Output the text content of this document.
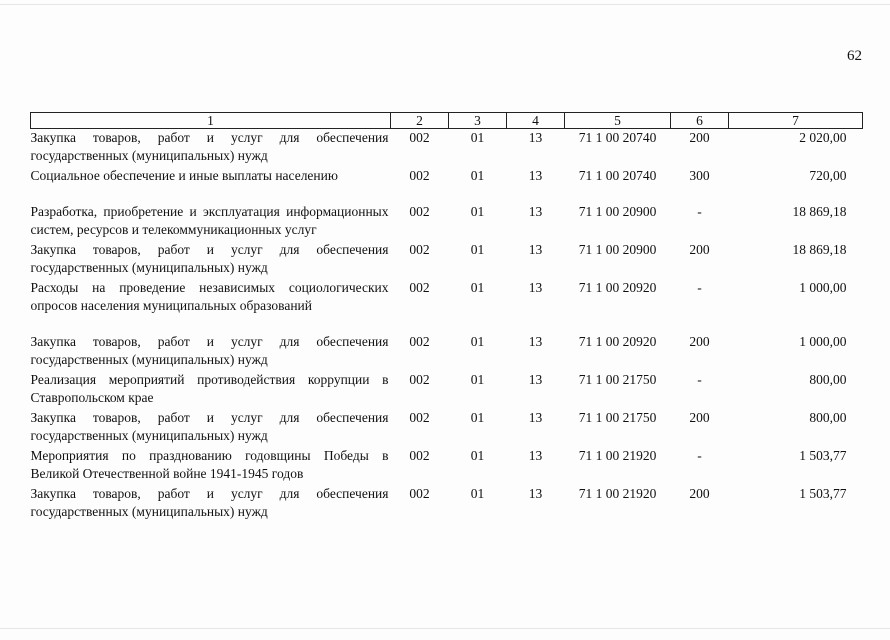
62
1	2	3	4	5	6	7
Закупка товаров, работ и услуг для обеспечения государственных (муниципальных) нужд	002	01	13	71 1 00 20740	200	2 020,00
Социальное обеспечение и иные выплаты населению	002	01	13	71 1 00 20740	300	720,00
Разработка, приобретение и эксплуатация информационных систем, ресурсов и телекоммуникационных услуг	002	01	13	71 1 00 20900	-	18 869,18
Закупка товаров, работ и услуг для обеспечения государственных (муниципальных) нужд	002	01	13	71 1 00 20900	200	18 869,18
Расходы на проведение независимых социологических опросов населения муниципальных образований	002	01	13	71 1 00 20920	-	1 000,00
Закупка товаров, работ и услуг для обеспечения государственных (муниципальных) нужд	002	01	13	71 1 00 20920	200	1 000,00
Реализация мероприятий противодействия коррупции в Ставропольском крае	002	01	13	71 1 00 21750	-	800,00
Закупка товаров, работ и услуг для обеспечения государственных (муниципальных) нужд	002	01	13	71 1 00 21750	200	800,00
Мероприятия по празднованию годовщины Победы в Великой Отечественной войне 1941-1945 годов	002	01	13	71 1 00 21920	-	1 503,77
Закупка товаров, работ и услуг для обеспечения государственных (муниципальных) нужд	002	01	13	71 1 00 21920	200	1 503,77
